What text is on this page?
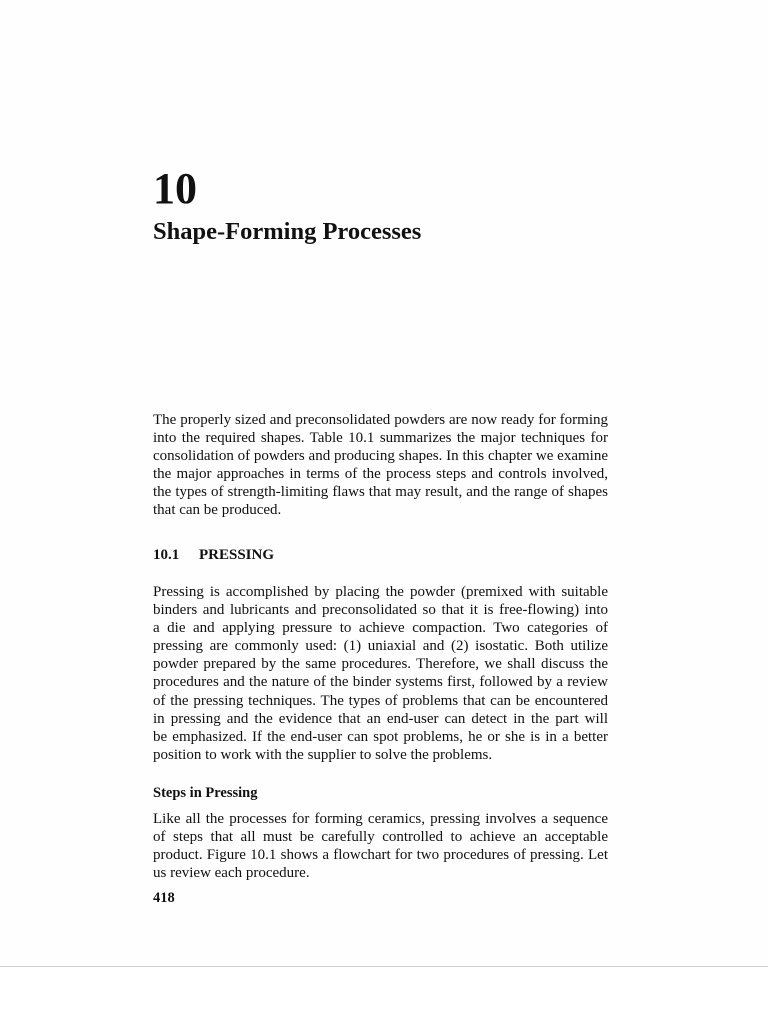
10
Shape-Forming Processes
The properly sized and preconsolidated powders are now ready for forming
into the required shapes. Table 10.1 summarizes the major techniques for
consolidation of powders and producing shapes. In this chapter we examine
the major approaches in terms of the process steps and controls involved,
the types of strength-limiting flaws that may result, and the range of shapes
that can be produced.
10.1 PRESSING
Pressing is accomplished by placing the powder (premixed with suitable
binders and lubricants and preconsolidated so that it is free-flowing) into
a die and applying pressure to achieve compaction. Two categories of
pressing are commonly used: (1) uniaxial and (2) isostatic. Both utilize
powder prepared by the same procedures. Therefore, we shall discuss the
procedures and the nature of the binder systems first, followed by a review
of the pressing techniques. The types of problems that can be encountered
in pressing and the evidence that an end-user can detect in the part will
be emphasized. If the end-user can spot problems, he or she is in a better
position to work with the supplier to solve the problems.
Steps in Pressing
Like all the processes for forming ceramics, pressing involves a sequence
of steps that all must be carefully controlled to achieve an acceptable
product. Figure 10.1 shows a flowchart for two procedures of pressing. Let
us review each procedure.
418
